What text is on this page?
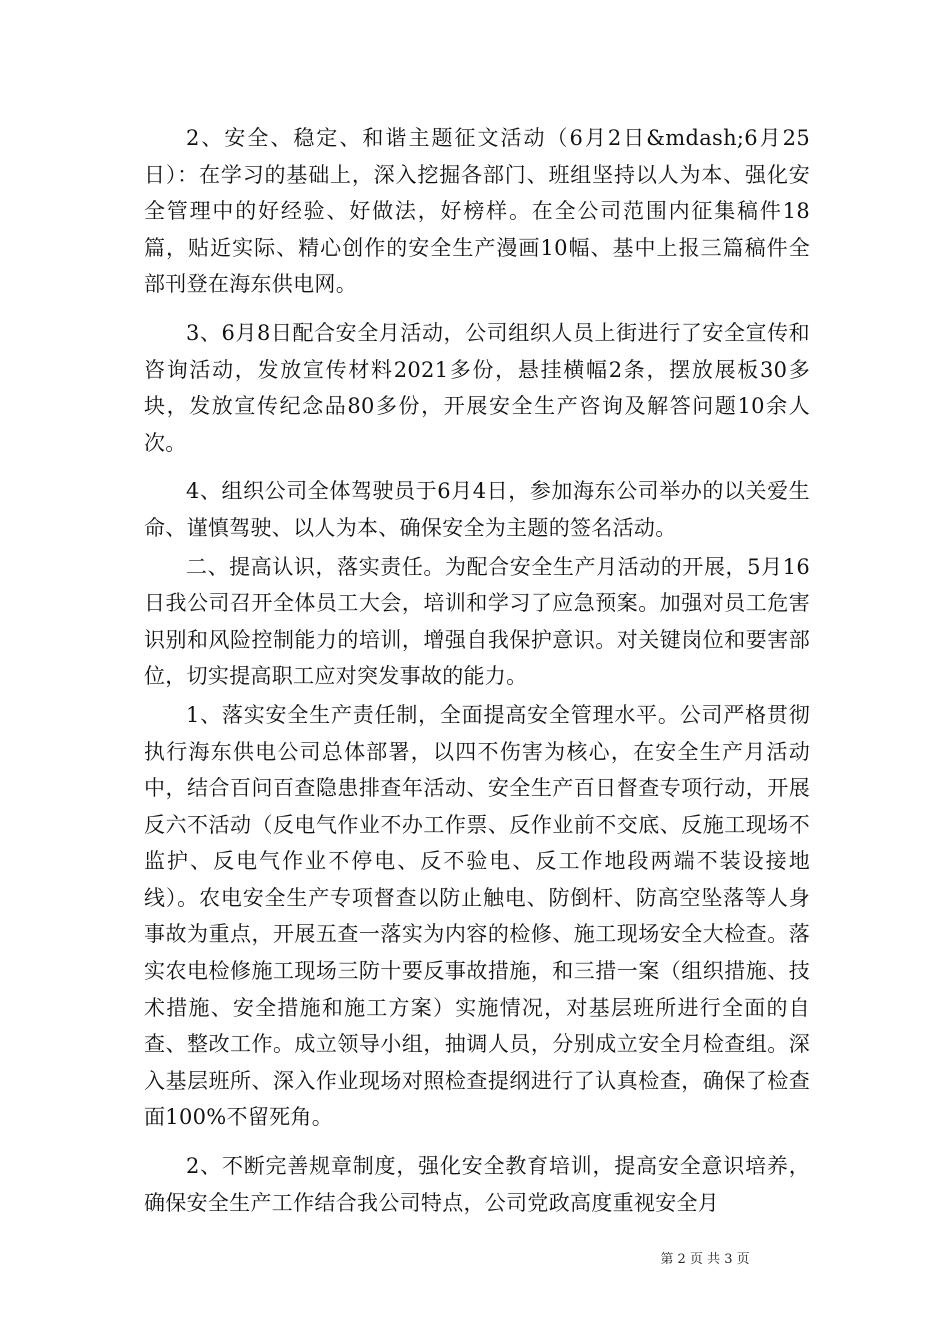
2、安全、稳定、和谐主题征文活动（6月2日&mdash;6月25日）：在学习的基础上，深入挖掘各部门、班组坚持以人为本、强化安全管理中的好经验、好做法，好榜样。在全公司范围内征集稿件18篇，贴近实际、精心创作的安全生产漫画10幅、基中上报三篇稿件全部刊登在海东供电网。

3、6月8日配合安全月活动，公司组织人员上街进行了安全宣传和咨询活动，发放宣传材料2021多份，悬挂横幅2条，摆放展板30多块，发放宣传纪念品80多份，开展安全生产咨询及解答问题10余人次。

4、组织公司全体驾驶员于6月4日，参加海东公司举办的以关爱生命、谨慎驾驶、以人为本、确保安全为主题的签名活动。

二、提高认识，落实责任。为配合安全生产月活动的开展，5月16日我公司召开全体员工大会，培训和学习了应急预案。加强对员工危害识别和风险控制能力的培训，增强自我保护意识。对关键岗位和要害部位，切实提高职工应对突发事故的能力。

1、落实安全生产责任制，全面提高安全管理水平。公司严格贯彻执行海东供电公司总体部署，以四不伤害为核心，在安全生产月活动中，结合百问百查隐患排查年活动、安全生产百日督查专项行动，开展反六不活动（反电气作业不办工作票、反作业前不交底、反施工现场不监护、反电气作业不停电、反不验电、反工作地段两端不装设接地线）。农电安全生产专项督查以防止触电、防倒杆、防高空坠落等人身事故为重点，开展五查一落实为内容的检修、施工现场安全大检查。落实农电检修施工现场三防十要反事故措施，和三措一案（组织措施、技术措施、安全措施和施工方案）实施情况，对基层班所进行全面的自查、整改工作。成立领导小组，抽调人员，分别成立安全月检查组。深入基层班所、深入作业现场对照检查提纲进行了认真检查，确保了检查面100%不留死角。

2、不断完善规章制度，强化安全教育培训，提高安全意识培养，确保安全生产工作结合我公司特点，公司党政高度重视安全月

第 2 页 共 3 页
